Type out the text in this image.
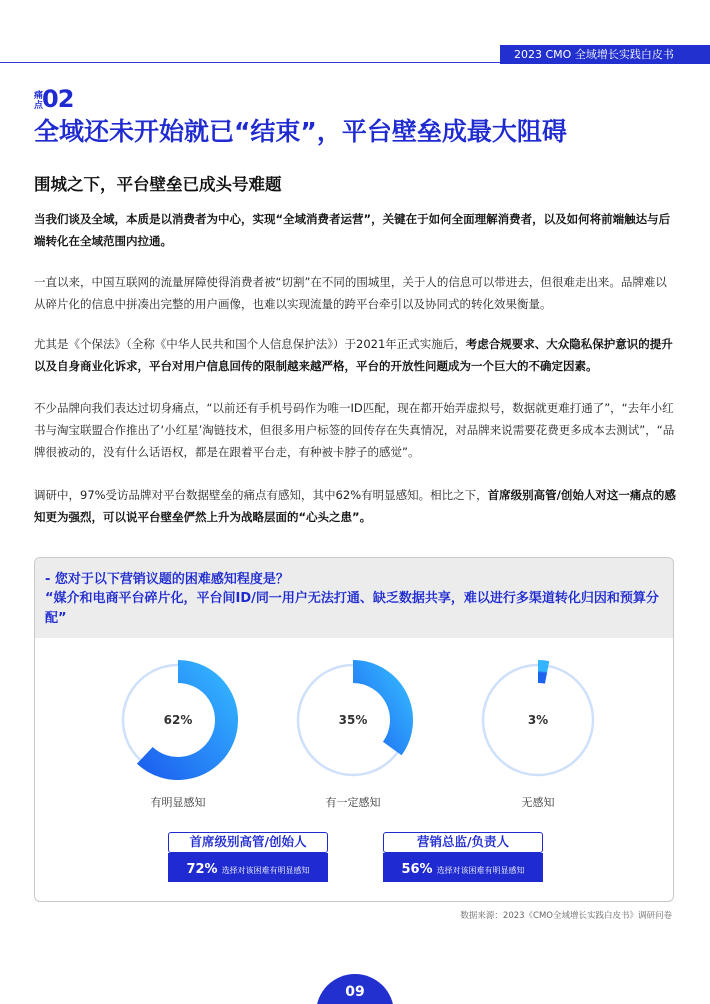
2023 CMO 全域增长实践白皮书
痛点
02
全域还未开始就已“结束”，平台壁垒成最大阻碍
围城之下，平台壁垒已成头号难题

当我们谈及全域，本质是以消费者为中心，实现“全域消费者运营”，关键在于如何全面理解消费者，以及如何将前端触达与后端转化在全域范围内拉通。

一直以来，中国互联网的流量屏障使得消费者被“切割”在不同的围城里，关于人的信息可以带进去，但很难走出来。品牌难以从碎片化的信息中拼凑出完整的用户画像，也难以实现流量的跨平台牵引以及协同式的转化效果衡量。

尤其是《个保法》（全称《中华人民共和国个人信息保护法》）于2021年正式实施后，考虑合规要求、大众隐私保护意识的提升以及自身商业化诉求，平台对用户信息回传的限制越来越严格，平台的开放性问题成为一个巨大的不确定因素。

不少品牌向我们表达过切身痛点，“以前还有手机号码作为唯一ID匹配，现在都开始弄虚拟号，数据就更难打通了”，“去年小红书与淘宝联盟合作推出了‘小红星’淘链技术，但很多用户标签的回传存在失真情况，对品牌来说需要花费更多成本去测试”，“品牌很被动的，没有什么话语权，都是在跟着平台走，有种被卡脖子的感觉”。

调研中，97%受访品牌对平台数据壁垒的痛点有感知，其中62%有明显感知。相比之下，首席级别高管/创始人对这一痛点的感知更为强烈，可以说平台壁垒俨然上升为战略层面的“心头之患”。

- 您对于以下营销议题的困难感知程度是？
“媒介和电商平台碎片化，平台间ID/同一用户无法打通、缺乏数据共享，难以进行多渠道转化归因和预算分配”
62%	35%	3%
有明显感知	有一定感知	无感知
首席级别高管/创始人
72% 选择对该困难有明显感知
营销总监/负责人
56% 选择对该困难有明显感知
数据来源：2023《CMO全域增长实践白皮书》调研问卷
09
